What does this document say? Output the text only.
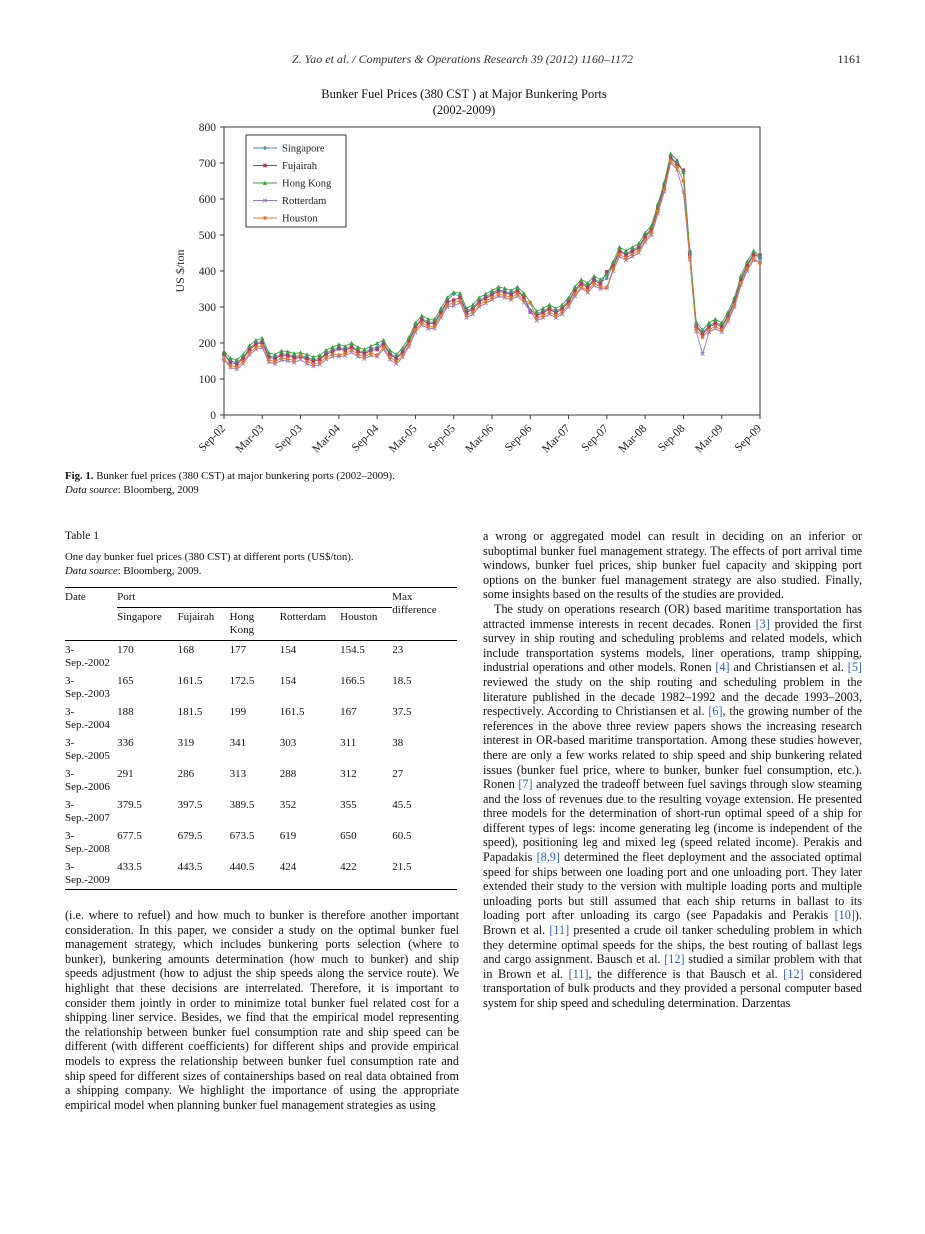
Z. Yao et al. / Computers & Operations Research 39 (2012) 1160–1172	1161
Bunker Fuel Prices (380 CST ) at Major Bunkering Ports
(2002-2009)
0
100
200
300
400
500
600
700
800
Sep-02 Mar-03 Sep-03 Mar-04 Sep-04 Mar-05 Sep-05 Mar-06 Sep-06 Mar-07 Sep-07 Mar-08 Sep-08 Mar-09 Sep-09
US $/ton
Singapore
Fujairah
Hong Kong
Rotterdam
Houston
Fig. 1. Bunker fuel prices (380 CST) at major bunkering ports (2002–2009).
Data source: Bloomberg, 2009
Table 1
One day bunker fuel prices (380 CST) at different ports (US$/ton).
Data source: Bloomberg, 2009.
Date	Port					Max difference
	Singapore	Fujairah	Hong Kong	Rotterdam	Houston	
3-Sep.-2002	170	168	177	154	154.5	23
3-Sep.-2003	165	161.5	172.5	154	166.5	18.5
3-Sep.-2004	188	181.5	199	161.5	167	37.5
3-Sep.-2005	336	319	341	303	311	38
3-Sep.-2006	291	286	313	288	312	27
3-Sep.-2007	379.5	397.5	389.5	352	355	45.5
3-Sep.-2008	677.5	679.5	673.5	619	650	60.5
3-Sep.-2009	433.5	443.5	440.5	424	422	21.5

(i.e. where to refuel) and how much to bunker is therefore another important consideration. In this paper, we consider a study on the optimal bunker fuel management strategy, which includes bunkering ports selection (where to bunker), bunkering amounts determination (how much to bunker) and ship speeds adjustment (how to adjust the ship speeds along the service route). We highlight that these decisions are interrelated. Therefore, it is important to consider them jointly in order to minimize total bunker fuel related cost for a shipping liner service. Besides, we find that the empirical model representing the relationship between bunker fuel consumption rate and ship speed can be different (with different coefficients) for different ships and provide empirical models to express the relationship between bunker fuel consumption rate and ship speed for different sizes of containerships based on real data obtained from a shipping company. We highlight the importance of using the appropriate empirical model when planning bunker fuel management strategies as using

a wrong or aggregated model can result in deciding on an inferior or suboptimal bunker fuel management strategy. The effects of port arrival time windows, bunker fuel prices, ship bunker fuel capacity and skipping port options on the bunker fuel management strategy are also studied. Finally, some insights based on the results of the studies are provided.

The study on operations research (OR) based maritime transportation has attracted immense interests in recent decades. Ronen [3] provided the first survey in ship routing and scheduling problems and related models, which include transportation systems models, liner operations, tramp shipping, industrial operations and other models. Ronen [4] and Christiansen et al. [5] reviewed the study on the ship routing and scheduling problem in the literature published in the decade 1982–1992 and the decade 1993–2003, respectively. According to Christiansen et al. [6], the growing number of the references in the above three review papers shows the increasing research interest in OR-based maritime transportation. Among these studies however, there are only a few works related to ship speed and ship bunkering related issues (bunker fuel price, where to bunker, bunker fuel consumption, etc.). Ronen [7] analyzed the tradeoff between fuel savings through slow steaming and the loss of revenues due to the resulting voyage extension. He presented three models for the determination of short-run optimal speed of a ship for different types of legs: income generating leg (income is independent of the speed), positioning leg and mixed leg (speed related income). Perakis and Papadakis [8,9] determined the fleet deployment and the associated optimal speed for ships between one loading port and one unloading port. They later extended their study to the version with multiple loading ports and multiple unloading ports but still assumed that each ship returns in ballast to its loading port after unloading its cargo (see Papadakis and Perakis [10]). Brown et al. [11] presented a crude oil tanker scheduling problem in which they determine optimal speeds for the ships, the best routing of ballast legs and cargo assignment. Bausch et al. [12] studied a similar problem with that in Brown et al. [11], the difference is that Bausch et al. [12] considered transportation of bulk products and they provided a personal computer based system for ship speed and scheduling determination. Darzentas
